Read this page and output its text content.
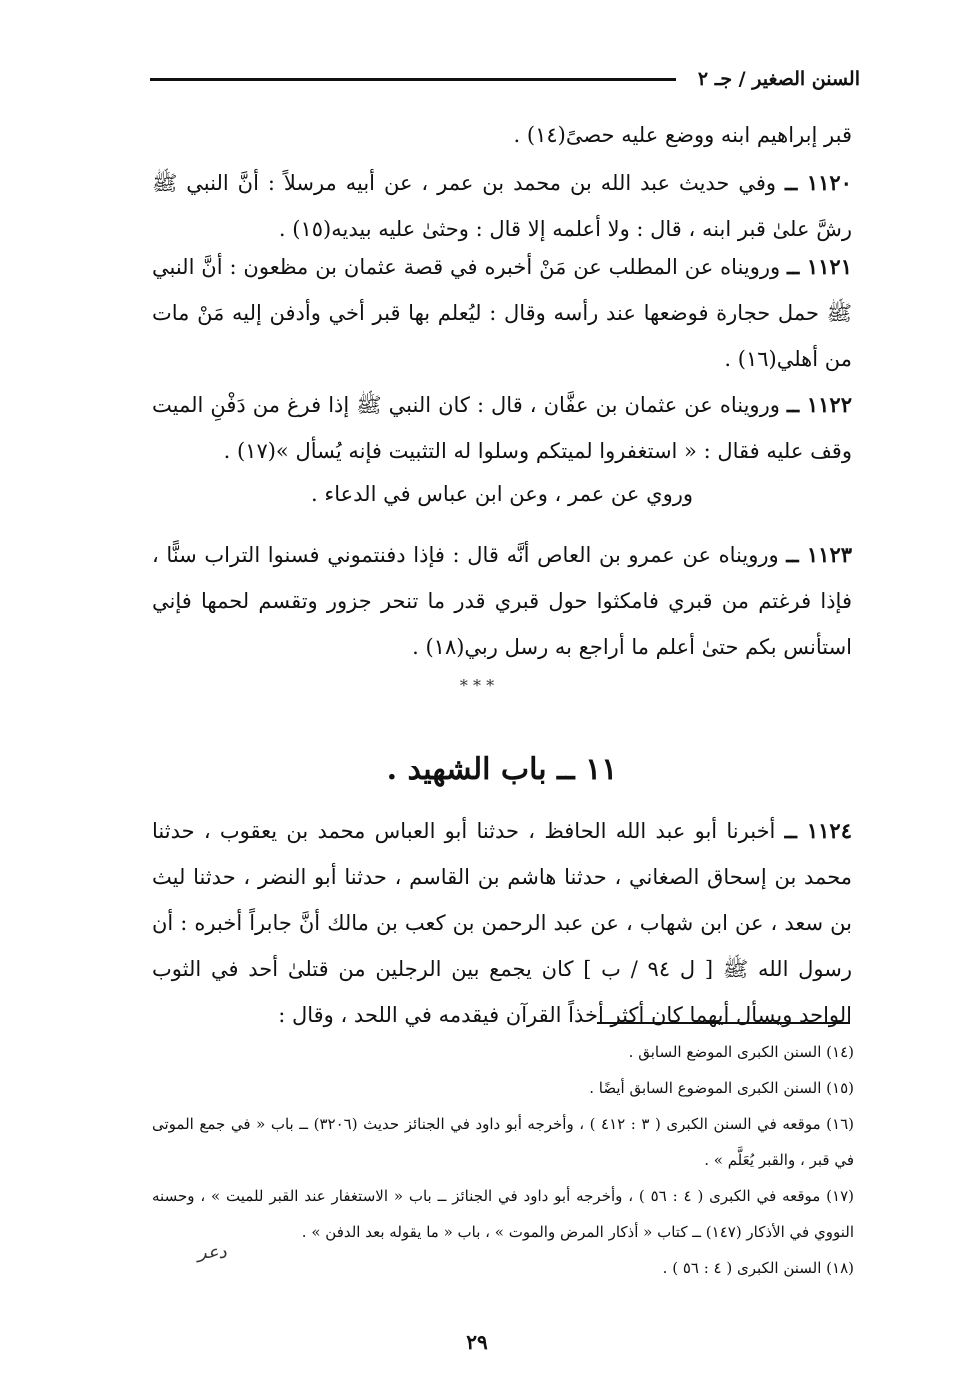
السنن الصغير / جـ ٢

قبر إبراهيم ابنه ووضع عليه حصىً(١٤) .

١١٢٠ ــ وفي حديث عبد الله بن محمد بن عمر ، عن أبيه مرسلاً : أنَّ النبي ﷺ رشَّ علىٰ قبر ابنه ، قال : ولا أعلمه إلا قال : وحثىٰ عليه بيديه(١٥) .

١١٢١ ــ ورويناه عن المطلب عن مَنْ أخبره في قصة عثمان بن مظعون : أنَّ النبي ﷺ حمل حجارة فوضعها عند رأسه وقال : ليُعلم بها قبر أخي وأدفن إليه مَنْ مات من أهلي(١٦) .

١١٢٢ ــ ورويناه عن عثمان بن عفَّان ، قال : كان النبي ﷺ إذا فرغ من دَفْنِ الميت وقف عليه فقال : « استغفروا لميتكم وسلوا له التثبيت فإنه يُسأل »(١٧) .

وروي عن عمر ، وعن ابن عباس في الدعاء .

١١٢٣ ــ ورويناه عن عمرو بن العاص أنَّه قال : فإذا دفنتموني فسنوا التراب سنًّا ، فإذا فرغتم من قبري فامكثوا حول قبري قدر ما تنحر جزور وتقسم لحمها فإني استأنس بكم حتىٰ أعلم ما أراجع به رسل ربي(١٨) .

* * *
١١ ــ باب الشهيد .

١١٢٤ ــ أخبرنا أبو عبد الله الحافظ ، حدثنا أبو العباس محمد بن يعقوب ، حدثنا محمد بن إسحاق الصغاني ، حدثنا هاشم بن القاسم ، حدثنا أبو النضر ، حدثنا ليث بن سعد ، عن ابن شهاب ، عن عبد الرحمن بن كعب بن مالك أنَّ جابراً أخبره : أن رسول الله ﷺ [ ل ٩٤ / ب ] كان يجمع بين الرجلين من قتلىٰ أحد في الثوب الواحد ويسأل أيهما كان أكثر أخذاً القرآن فيقدمه في اللحد ، وقال :

(١٤) السنن الكبرى الموضع السابق .

(١٥) السنن الكبرى الموضوع السابق أيضًا .

(١٦) موقعه في السنن الكبرى ( ٣ : ٤١٢ ) ، وأخرجه أبو داود في الجنائز حديث (٣٢٠٦) ــ باب « في جمع الموتى في قبر ، والقبر يُعَلَّم » .

(١٧) موقعه في الكبرى ( ٤ : ٥٦ ) ، وأخرجه أبو داود في الجنائز ــ باب « الاستغفار عند القبر للميت » ، وحسنه النووي في الأذكار (١٤٧) ــ كتاب « أذكار المرض والموت » ، باب « ما يقوله بعد الدفن » .

(١٨) السنن الكبرى ( ٤ : ٥٦ ) .

دعر
٢٩
